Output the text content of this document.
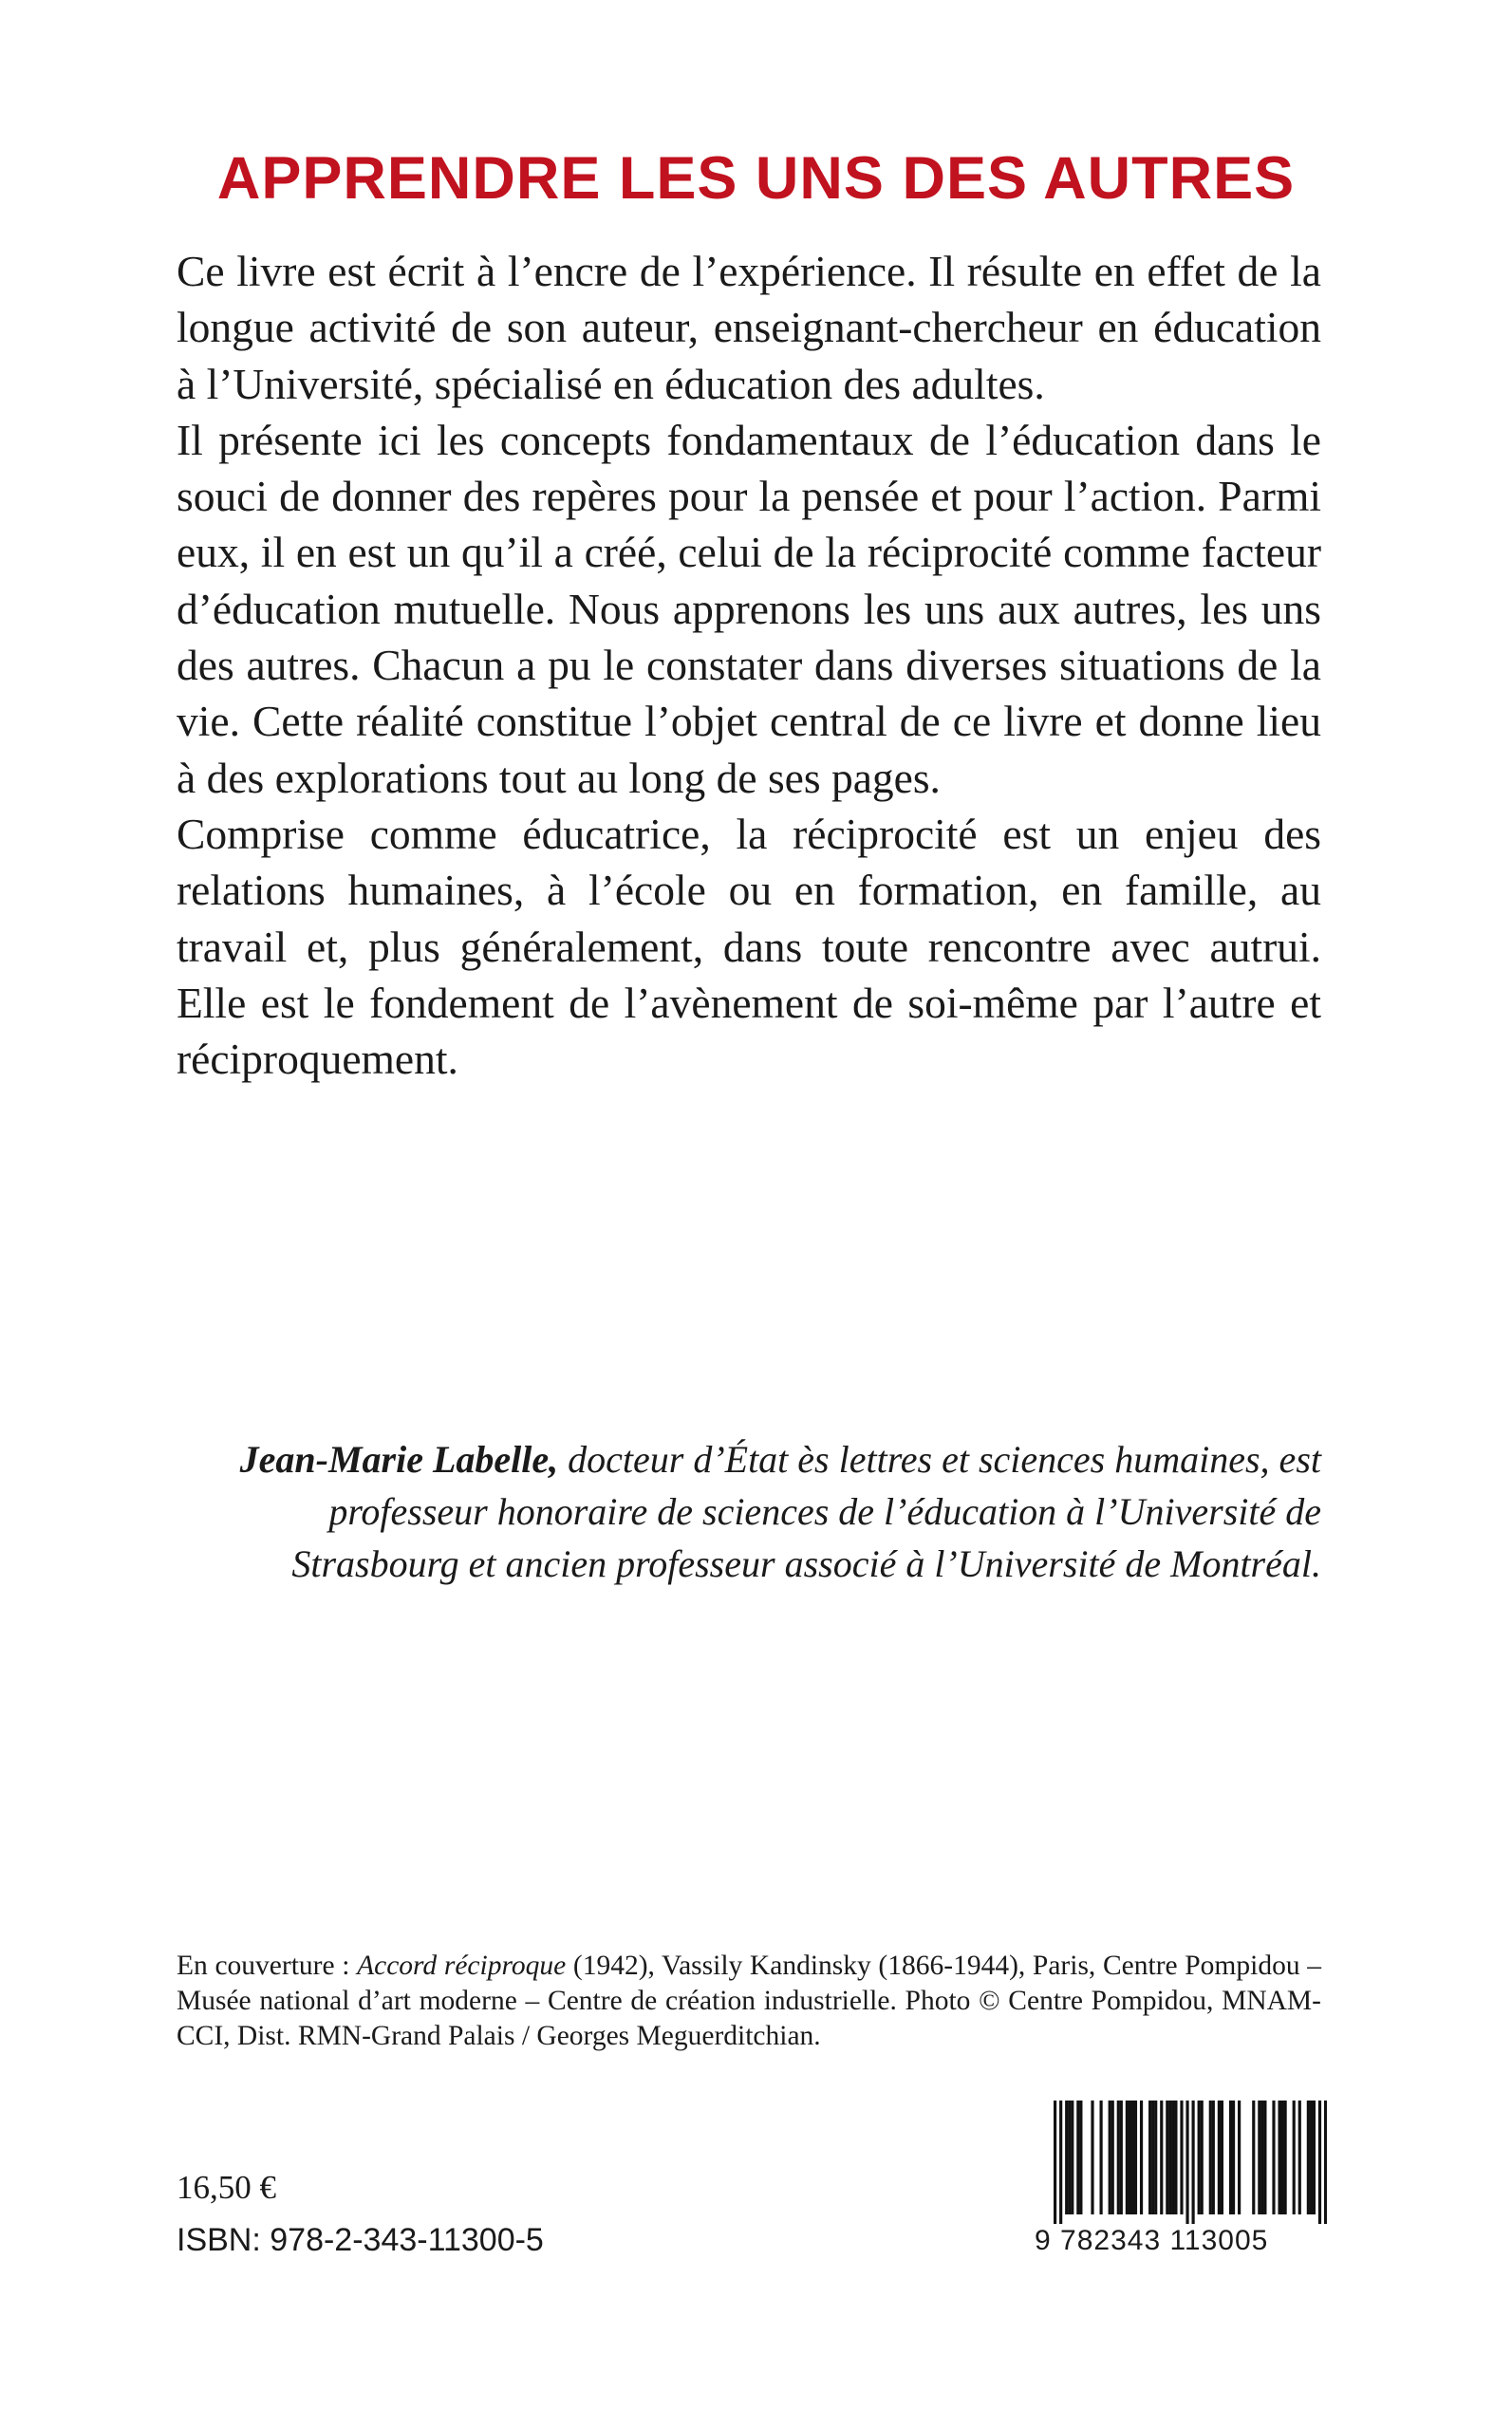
APPRENDRE LES UNS DES AUTRES

Ce livre est écrit à l’encre de l’expérience. Il résulte en effet de la longue activité de son auteur, enseignant-chercheur en éducation à l’Université, spécialisé en éducation des adultes.

Il présente ici les concepts fondamentaux de l’éducation dans le souci de donner des repères pour la pensée et pour l’action. Parmi eux, il en est un qu’il a créé, celui de la réciprocité comme facteur d’éducation mutuelle. Nous apprenons les uns aux autres, les uns des autres. Chacun a pu le constater dans diverses situations de la vie. Cette réalité constitue l’objet central de ce livre et donne lieu à des explorations tout au long de ses pages.

Comprise comme éducatrice, la réciprocité est un enjeu des relations humaines, à l’école ou en formation, en famille, au travail et, plus généralement, dans toute rencontre avec autrui. Elle est le fondement de l’avènement de soi-même par l’autre et réciproquement.

Jean-Marie Labelle, docteur d’État ès lettres et sciences humaines, est professeur honoraire de sciences de l’éducation à l’Université de Strasbourg et ancien professeur associé à l’Université de Montréal.
En couverture : Accord réciproque (1942), Vassily Kandinsky (1866-1944), Paris, Centre Pompidou – Musée national d’art moderne – Centre de création industrielle. Photo © Centre Pompidou, MNAM-CCI, Dist. RMN-Grand Palais / Georges Meguerditchian.
16,50 €
ISBN: 978-2-343-11300-5	9 782343 113005
